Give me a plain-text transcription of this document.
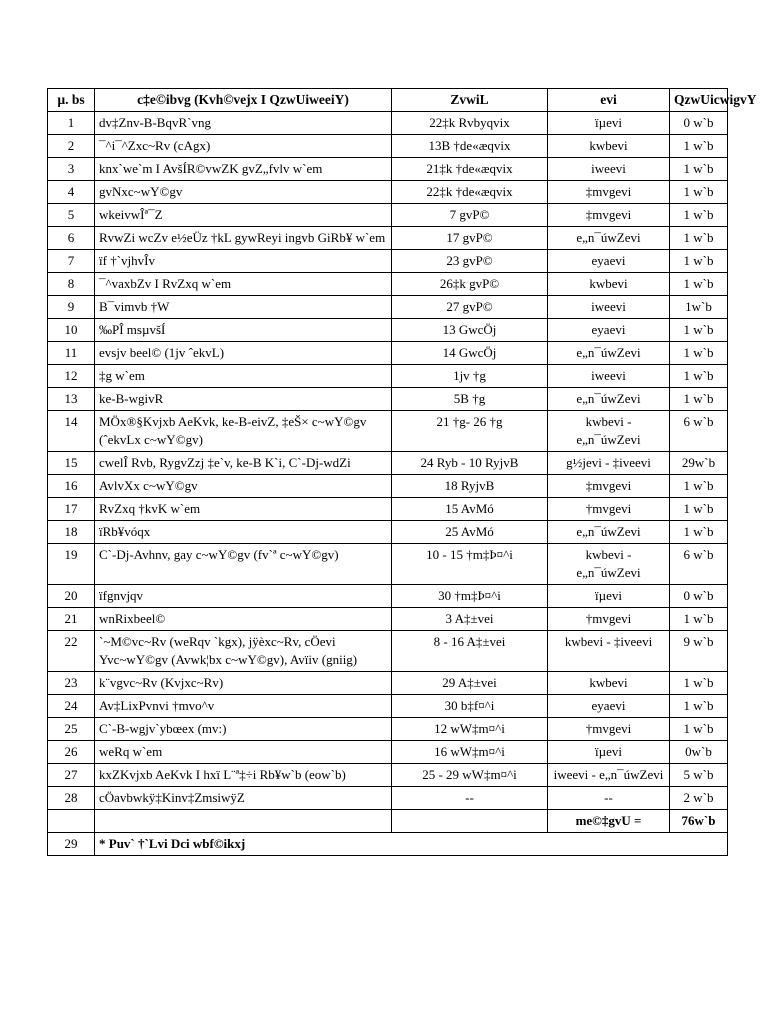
µ. bs	c‡e©ibvg (Kvh©vejx I QzwUiweeiY)	ZvwiL	evi	QzwUicwigvY
1	dv‡Znv-B-BqvR`vng	22‡k Rvbyqvix	ïµevi	0 w`b
2	¯^i¯^Zxc~Rv (cAgx)	13B †de«æqvix	kwbevi	1 w`b
3	knx`we`m I AvšÍR©vwZK gvZ„fvlv w`em	21‡k †de«æqvix	iweevi	1 w`b
4	gvNxc~wY©gv	22‡k †de«æqvix	‡mvgevi	1 w`b
5	wkeivwÎª¯Z	7 gvP©	‡mvgevi	1 w`b
6	RvwZi wcZv e½eÜz †kL gywReyi ingvb GiRb¥ w`em	17 gvP©	e„n¯úwZevi	1 w`b
7	ïf †`vjhvÎv	23 gvP©	eyaevi	1 w`b
8	¯^vaxbZv I RvZxq w`em	26‡k gvP©	kwbevi	1 w`b
9	B¯vimvb †W	27 gvP©	iweevi	1w`b
10	‰PÎ msµvšÍ	13 GwcÖj	eyaevi	1 w`b
11	evsjv beel© (1jv ˆekvL)	14 GwcÖj	e„n¯úwZevi	1 w`b
12	‡g w`em	1jv †g	iweevi	1 w`b
13	ke-B-wgivR	5B †g	e„n¯úwZevi	1 w`b
14	MÖx®§Kvjxb AeKvk, ke-B-eivZ, ‡eŠ× c~wY©gv (ˆekvLx c~wY©gv)	21 †g- 26 †g	kwbevi - e„n¯úwZevi	6 w`b
15	cwelÎ Rvb, RygvZzj ‡e`v, ke-B K`i, C`-Dj-wdZi	24 Ryb - 10 RyjvB	g½jevi - ‡iveevi	29w`b
16	AvlvXx c~wY©gv	18 RyjvB	‡mvgevi	1 w`b
17	RvZxq †kvK w`em	15 AvMó	†mvgevi	1 w`b
18	ïRb¥vóqx	25 AvMó	e„n¯úwZevi	1 w`b
19	C`-Dj-Avhnv, gay c~wY©gv (fv`ª c~wY©gv)	10 - 15 †m‡Þ¤^i	kwbevi - e„n¯úwZevi	6 w`b
20	ïfgnvjqv	30 †m‡Þ¤^i	ïµevi	0 w`b
21	wnRixbeel©	3 A‡±vei	†mvgevi	1 w`b
22	`~M©vc~Rv (weRqv `kgx), jÿèxc~Rv, cÖevi Yvc~wY©gv (Avwk¦bx c~wY©gv), Avïiv (gniig)	8 - 16 A‡±vei	kwbevi - ‡iveevi	9 w`b
23	k¨vgvc~Rv (Kvjxc~Rv)	29 A‡±vei	kwbevi	1 w`b
24	Av‡LixPvnvi †mvo^v	30 b‡f¤^i	eyaevi	1 w`b
25	C`-B-wgjv`ybœex (mv:)	12 wW‡m¤^i	†mvgevi	1 w`b
26	weRq w`em	16 wW‡m¤^i	ïµevi	0w`b
27	kxZKvjxb AeKvk I hxï L¨ª‡÷i Rb¥w`b (eow`b)	25 - 29 wW‡m¤^i	iweevi - e„n¯úwZevi	5 w`b
28	cÖavbwkÿ‡Kinv‡ZmsiwÿZ	--	--	2 w`b
			me©‡gvU =	76w`b
29	* Puv` †`Lvi Dci wbf©ikxj			
